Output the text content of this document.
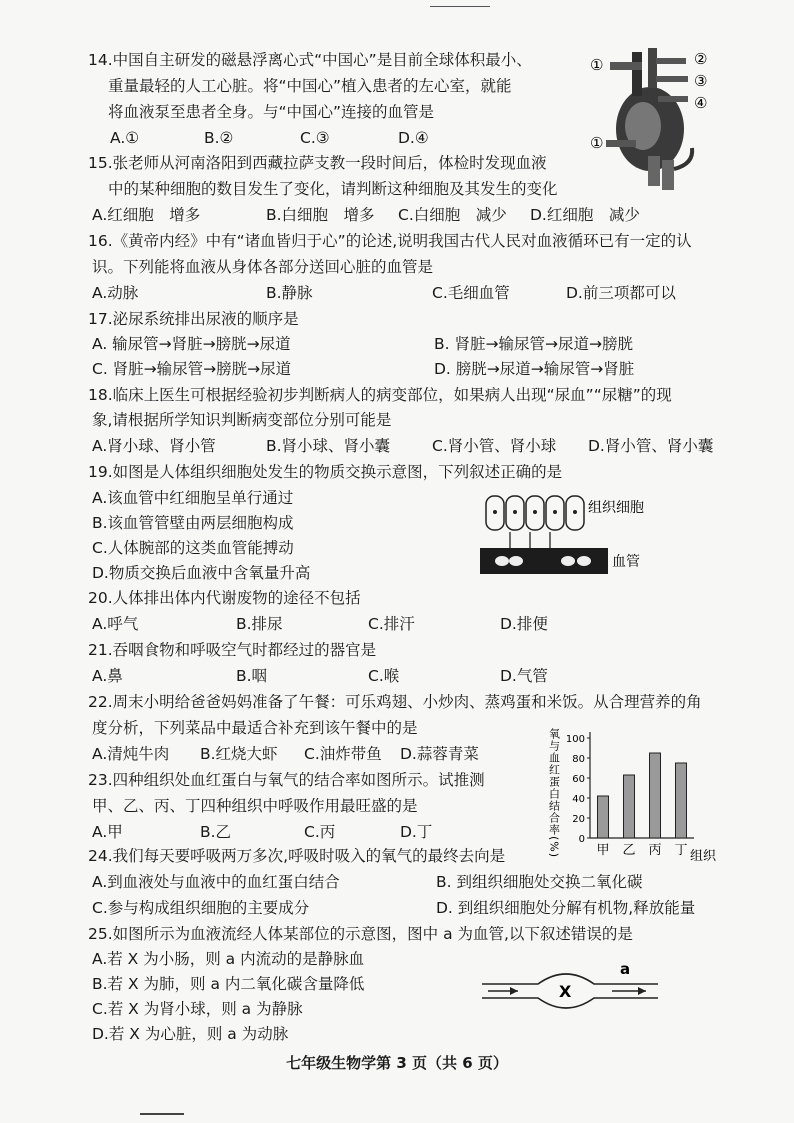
14.中国自主研发的磁悬浮离心式“中国心”是目前全球体积最小、
重量最轻的人工心脏。将“中国心”植入患者的左心室，就能
将血液泵至患者全身。与“中国心”连接的血管是
A.①	B.②	C.③	D.④
①	②
③
④
①
15.张老师从河南洛阳到西藏拉萨支教一段时间后，体检时发现血液
中的某种细胞的数目发生了变化，请判断这种细胞及其发生的变化
A.红细胞　增多	B.白细胞　增多 C.白细胞　减少 D.红细胞　减少
16.《黄帝内经》中有“诸血皆归于心”的论述,说明我国古代人民对血液循环已有一定的认
识。下列能将血液从身体各部分送回心脏的血管是
A.动脉	B.静脉	C.毛细血管	D.前三项都可以
17.泌尿系统排出尿液的顺序是
A. 输尿管→肾脏→膀胱→尿道	B. 肾脏→输尿管→尿道→膀胱
C. 肾脏→输尿管→膀胱→尿道	D. 膀胱→尿道→输尿管→肾脏
18.临床上医生可根据经验初步判断病人的病变部位，如果病人出现“尿血”“尿糖”的现
象,请根据所学知识判断病变部位分别可能是
A.肾小球、肾小管	B.肾小球、肾小囊	C.肾小管、肾小球 D.肾小管、肾小囊
19.如图是人体组织细胞处发生的物质交换示意图，下列叙述正确的是
A.该血管中红细胞呈单行通过
B.该血管管壁由两层细胞构成
C.人体腕部的这类血管能搏动
D.物质交换后血液中含氧量升高
组织细胞
血管
20.人体排出体内代谢废物的途径不包括
A.呼气	B.排尿	C.排汗	D.排便
21.吞咽食物和呼吸空气时都经过的器官是
A.鼻	B.咽	C.喉	D.气管
22.周末小明给爸爸妈妈准备了午餐：可乐鸡翅、小炒肉、蒸鸡蛋和米饭。从合理营养的角
度分析，下列菜品中最适合补充到该午餐中的是
A.清炖牛肉 B.红烧大虾 C.油炸带鱼 D.蒜蓉青菜
23.四种组织处血红蛋白与氧气的结合率如图所示。试推测
甲、乙、丙、丁四种组织中呼吸作用最旺盛的是
A.甲	B.乙	C.丙	D.丁	氧与血红蛋白结合率(%) 0
20
40
60
80
100
甲 乙 丙 丁 组织
24.我们每天要呼吸两万多次,呼吸时吸入的氧气的最终去向是
A.到血液处与血液中的血红蛋白结合	B. 到组织细胞处交换二氧化碳
C.参与构成组织细胞的主要成分	D. 到组织细胞处分解有机物,释放能量
25.如图所示为血液流经人体某部位的示意图，图中 a 为血管,以下叙述错误的是
A.若 X 为小肠，则 a 内流动的是静脉血
B.若 X 为肺，则 a 内二氧化碳含量降低
C.若 X 为肾小球，则 a 为静脉
D.若 X 为心脏，则 a 为动脉
X
a
七年级生物学第 3 页（共 6 页）
